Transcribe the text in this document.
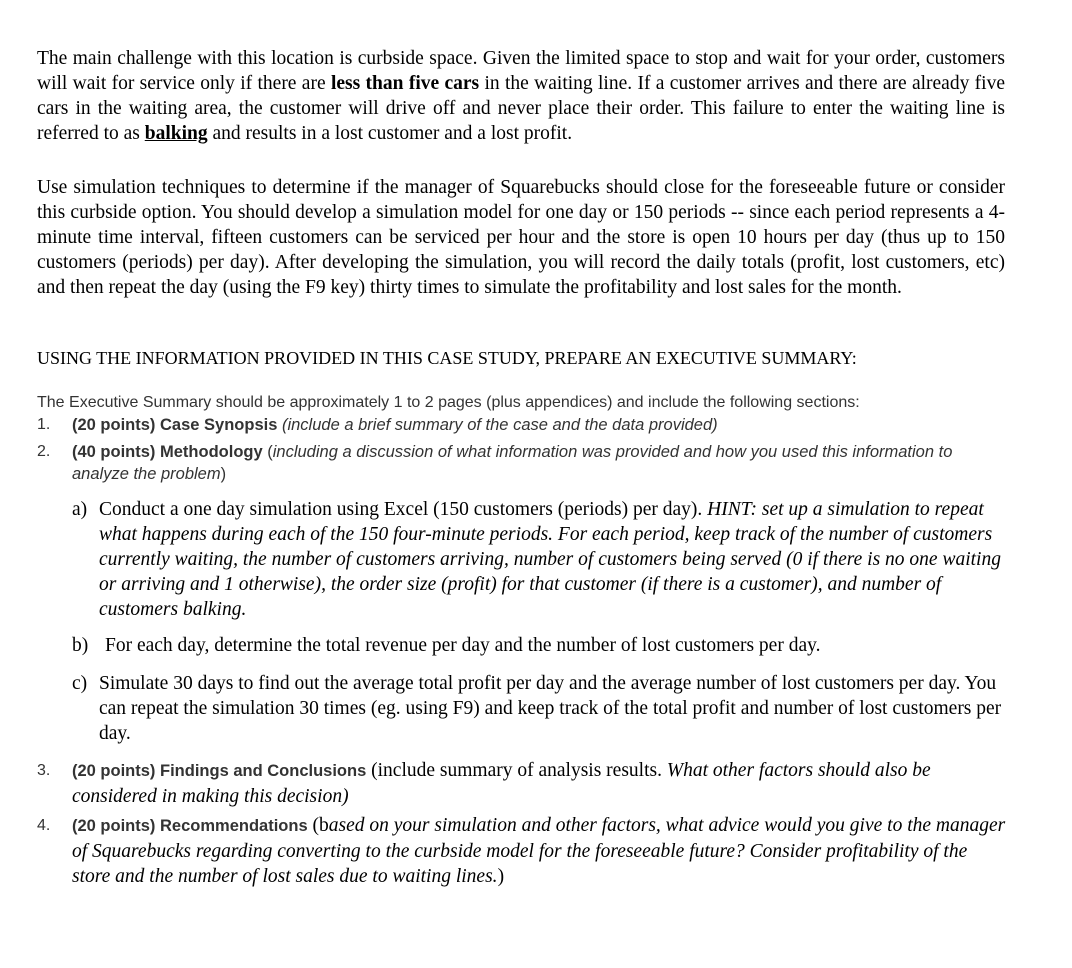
The main challenge with this location is curbside space. Given the limited space to stop and wait for your order, customers will wait for service only if there are less than five cars in the waiting line. If a customer arrives and there are already five cars in the waiting area, the customer will drive off and never place their order. This failure to enter the waiting line is referred to as balking and results in a lost customer and a lost profit.

Use simulation techniques to determine if the manager of Squarebucks should close for the foreseeable future or consider this curbside option. You should develop a simulation model for one day or 150 periods -- since each period represents a 4-minute time interval, fifteen customers can be serviced per hour and the store is open 10 hours per day (thus up to 150 customers (periods) per day). After developing the simulation, you will record the daily totals (profit, lost customers, etc) and then repeat the day (using the F9 key) thirty times to simulate the profitability and lost sales for the month.

USING THE INFORMATION PROVIDED IN THIS CASE STUDY, PREPARE AN EXECUTIVE SUMMARY:

The Executive Summary should be approximately 1 to 2 pages (plus appendices) and include the following sections:

1. (20 points) Case Synopsis (include a brief summary of the case and the data provided)
2. (40 points) Methodology (including a discussion of what information was provided and how you used this information to analyze the problem)
a) Conduct a one day simulation using Excel (150 customers (periods) per day). HINT: set up a simulation to repeat what happens during each of the 150 four-minute periods. For each period, keep track of the number of customers currently waiting, the number of customers arriving, number of customers being served (0 if there is no one waiting or arriving and 1 otherwise), the order size (profit) for that customer (if there is a customer), and number of customers balking.
b) For each day, determine the total revenue per day and the number of lost customers per day.
c) Simulate 30 days to find out the average total profit per day and the average number of lost customers per day. You can repeat the simulation 30 times (eg. using F9) and keep track of the total profit and number of lost customers per day.
3. (20 points) Findings and Conclusions (include summary of analysis results. What other factors should also be considered in making this decision)
4. (20 points) Recommendations (based on your simulation and other factors, what advice would you give to the manager of Squarebucks regarding converting to the curbside model for the foreseeable future? Consider profitability of the store and the number of lost sales due to waiting lines.)
